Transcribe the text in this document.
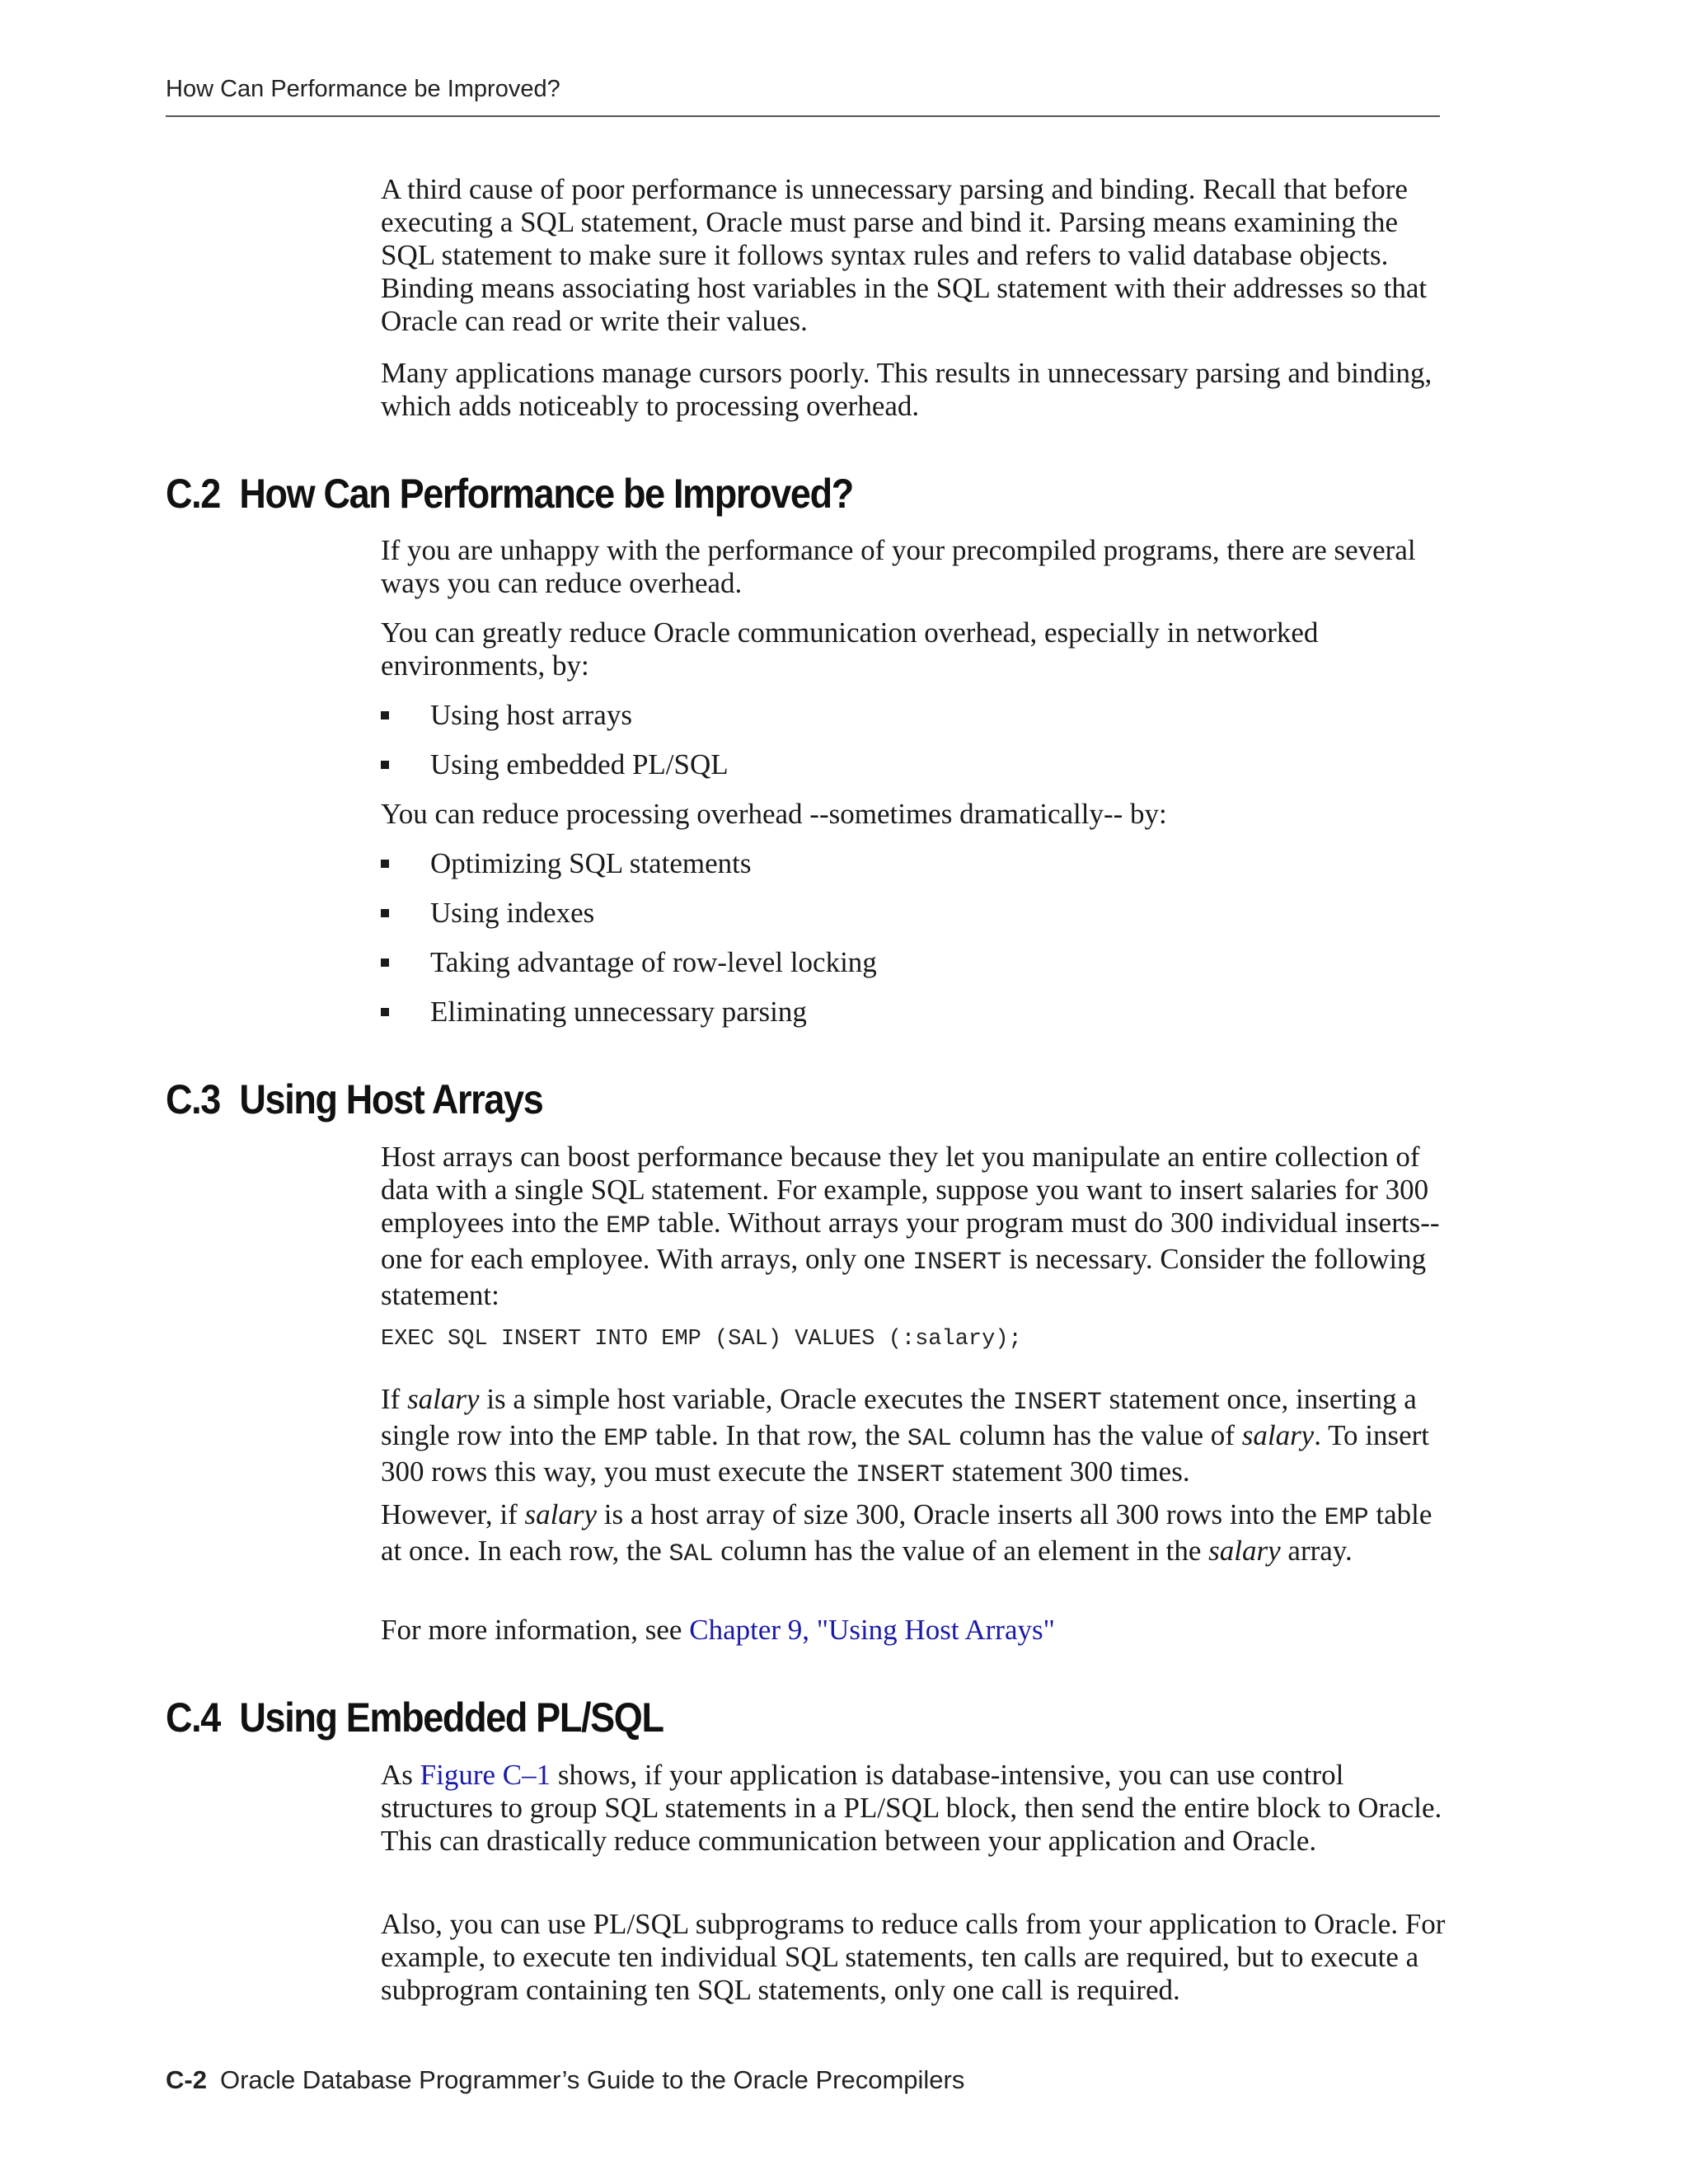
How Can Performance be Improved?

A third cause of poor performance is unnecessary parsing and binding. Recall that before executing a SQL statement, Oracle must parse and bind it. Parsing means examining the SQL statement to make sure it follows syntax rules and refers to valid database objects. Binding means associating host variables in the SQL statement with their addresses so that Oracle can read or write their values.

Many applications manage cursors poorly. This results in unnecessary parsing and binding, which adds noticeably to processing overhead.

C.2 How Can Performance be Improved?

If you are unhappy with the performance of your precompiled programs, there are several ways you can reduce overhead.

You can greatly reduce Oracle communication overhead, especially in networked environments, by:

Using host arrays
Using embedded PL/SQL

You can reduce processing overhead --sometimes dramatically-- by:

Optimizing SQL statements
Using indexes
Taking advantage of row-level locking
Eliminating unnecessary parsing
C.3 Using Host Arrays

Host arrays can boost performance because they let you manipulate an entire collection of data with a single SQL statement. For example, suppose you want to insert salaries for 300 employees into the EMP table. Without arrays your program must do 300 individual inserts--one for each employee. With arrays, only one INSERT is necessary. Consider the following statement:

EXEC SQL INSERT INTO EMP (SAL) VALUES (:salary);

If salary is a simple host variable, Oracle executes the INSERT statement once, inserting a single row into the EMP table. In that row, the SAL column has the value of salary. To insert 300 rows this way, you must execute the INSERT statement 300 times.

However, if salary is a host array of size 300, Oracle inserts all 300 rows into the EMP table at once. In each row, the SAL column has the value of an element in the salary array.

For more information, see Chapter 9, "Using Host Arrays"

C.4 Using Embedded PL/SQL

As Figure C–1 shows, if your application is database-intensive, you can use control structures to group SQL statements in a PL/SQL block, then send the entire block to Oracle. This can drastically reduce communication between your application and Oracle.

Also, you can use PL/SQL subprograms to reduce calls from your application to Oracle. For example, to execute ten individual SQL statements, ten calls are required, but to execute a subprogram containing ten SQL statements, only one call is required.

C-2 Oracle Database Programmer’s Guide to the Oracle Precompilers
